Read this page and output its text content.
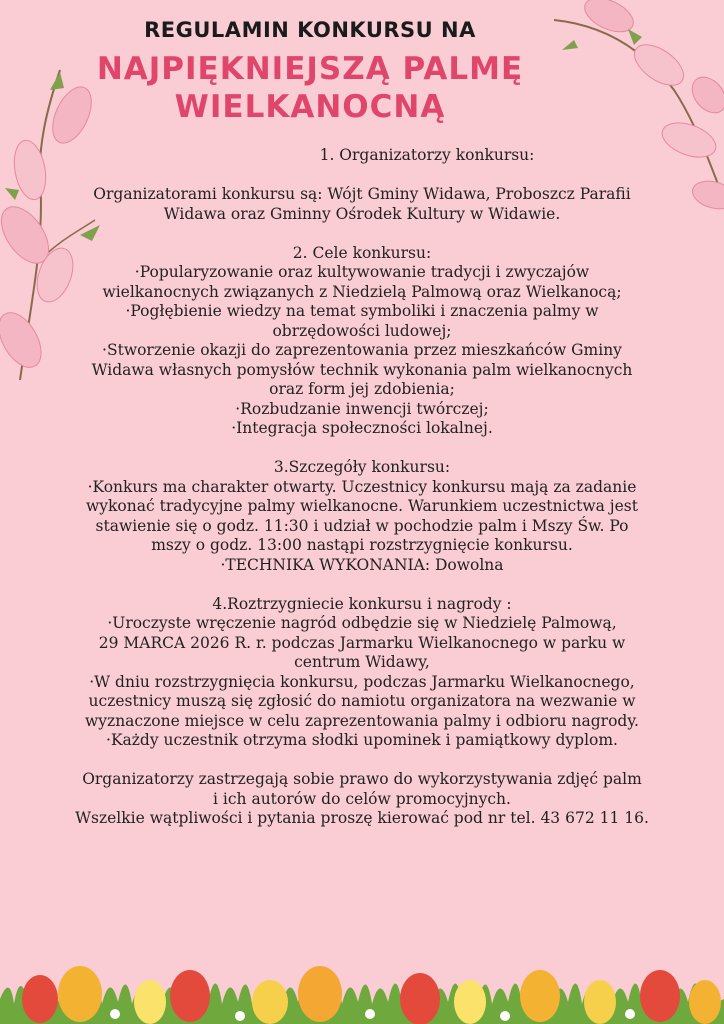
REGULAMIN KONKURSU NA
NAJPIĘKNIEJSZĄ PALMĘ
WIELKANOCNĄ

1. Organizatorzy konkursu:

Organizatorami konkursu są: Wójt Gminy Widawa, Proboszcz Parafii

Widawa oraz Gminny Ośrodek Kultury w Widawie.

2. Cele konkursu:

·Popularyzowanie oraz kultywowanie tradycji i zwyczajów

wielkanocnych związanych z Niedzielą Palmową oraz Wielkanocą;

·Pogłębienie wiedzy na temat symboliki i znaczenia palmy w

obrzędowości ludowej;

·Stworzenie okazji do zaprezentowania przez mieszkańców Gminy

Widawa własnych pomysłów technik wykonania palm wielkanocnych

oraz form jej zdobienia;

·Rozbudzanie inwencji twórczej;

·Integracja społeczności lokalnej.

3.Szczegóły konkursu:

·Konkurs ma charakter otwarty. Uczestnicy konkursu mają za zadanie

wykonać tradycyjne palmy wielkanocne. Warunkiem uczestnictwa jest

stawienie się o godz. 11:30 i udział w pochodzie palm i Mszy Św. Po

mszy o godz. 13:00 nastąpi rozstrzygnięcie konkursu.

·TECHNIKA WYKONANIA: Dowolna

4.Roztrzygniecie konkursu i nagrody :

·Uroczyste wręczenie nagród odbędzie się w Niedzielę Palmową,

29 MARCA 2026 R. r. podczas Jarmarku Wielkanocnego w parku w

centrum Widawy,

·W dniu rozstrzygnięcia konkursu, podczas Jarmarku Wielkanocnego,

uczestnicy muszą się zgłosić do namiotu organizatora na wezwanie w

wyznaczone miejsce w celu zaprezentowania palmy i odbioru nagrody.

·Każdy uczestnik otrzyma słodki upominek i pamiątkowy dyplom.

Organizatorzy zastrzegają sobie prawo do wykorzystywania zdjęć palm

i ich autorów do celów promocyjnych.

Wszelkie wątpliwości i pytania proszę kierować pod nr tel. 43 672 11 16.
